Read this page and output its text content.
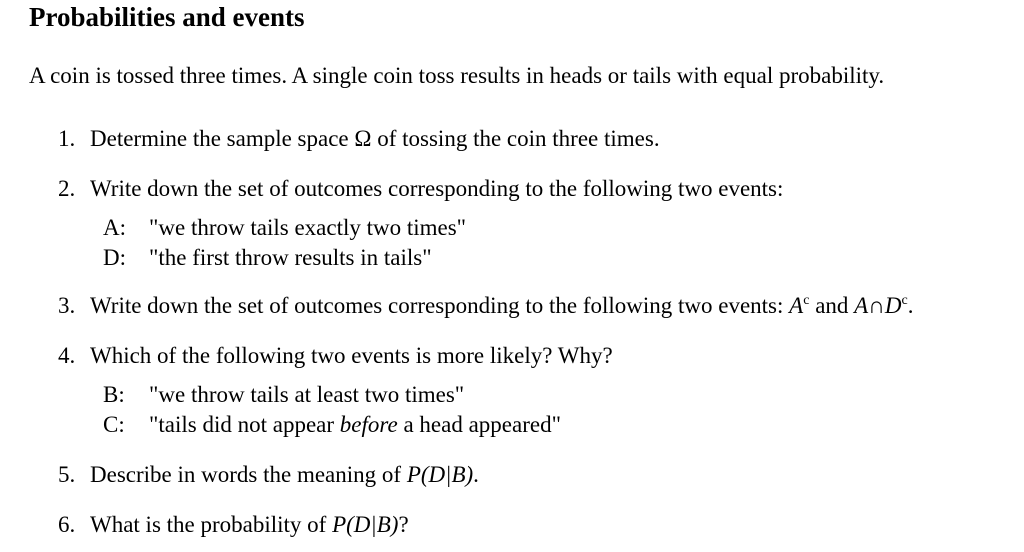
Probabilities and events
A coin is tossed three times. A single coin toss results in heads or tails with equal probability.
1. Determine the sample space Ω of tossing the coin three times.
2. Write down the set of outcomes corresponding to the following two events:
A: "we throw tails exactly two times"
D: "the first throw results in tails"
3. Write down the set of outcomes corresponding to the following two events: $A^c$ and $A\cap D^c$.
4. Which of the following two events is more likely? Why?
B: "we throw tails at least two times"
C: "tails did not appear before a head appeared"
5. Describe in words the meaning of P(D|B).
6. What is the probability of P(D|B)?
